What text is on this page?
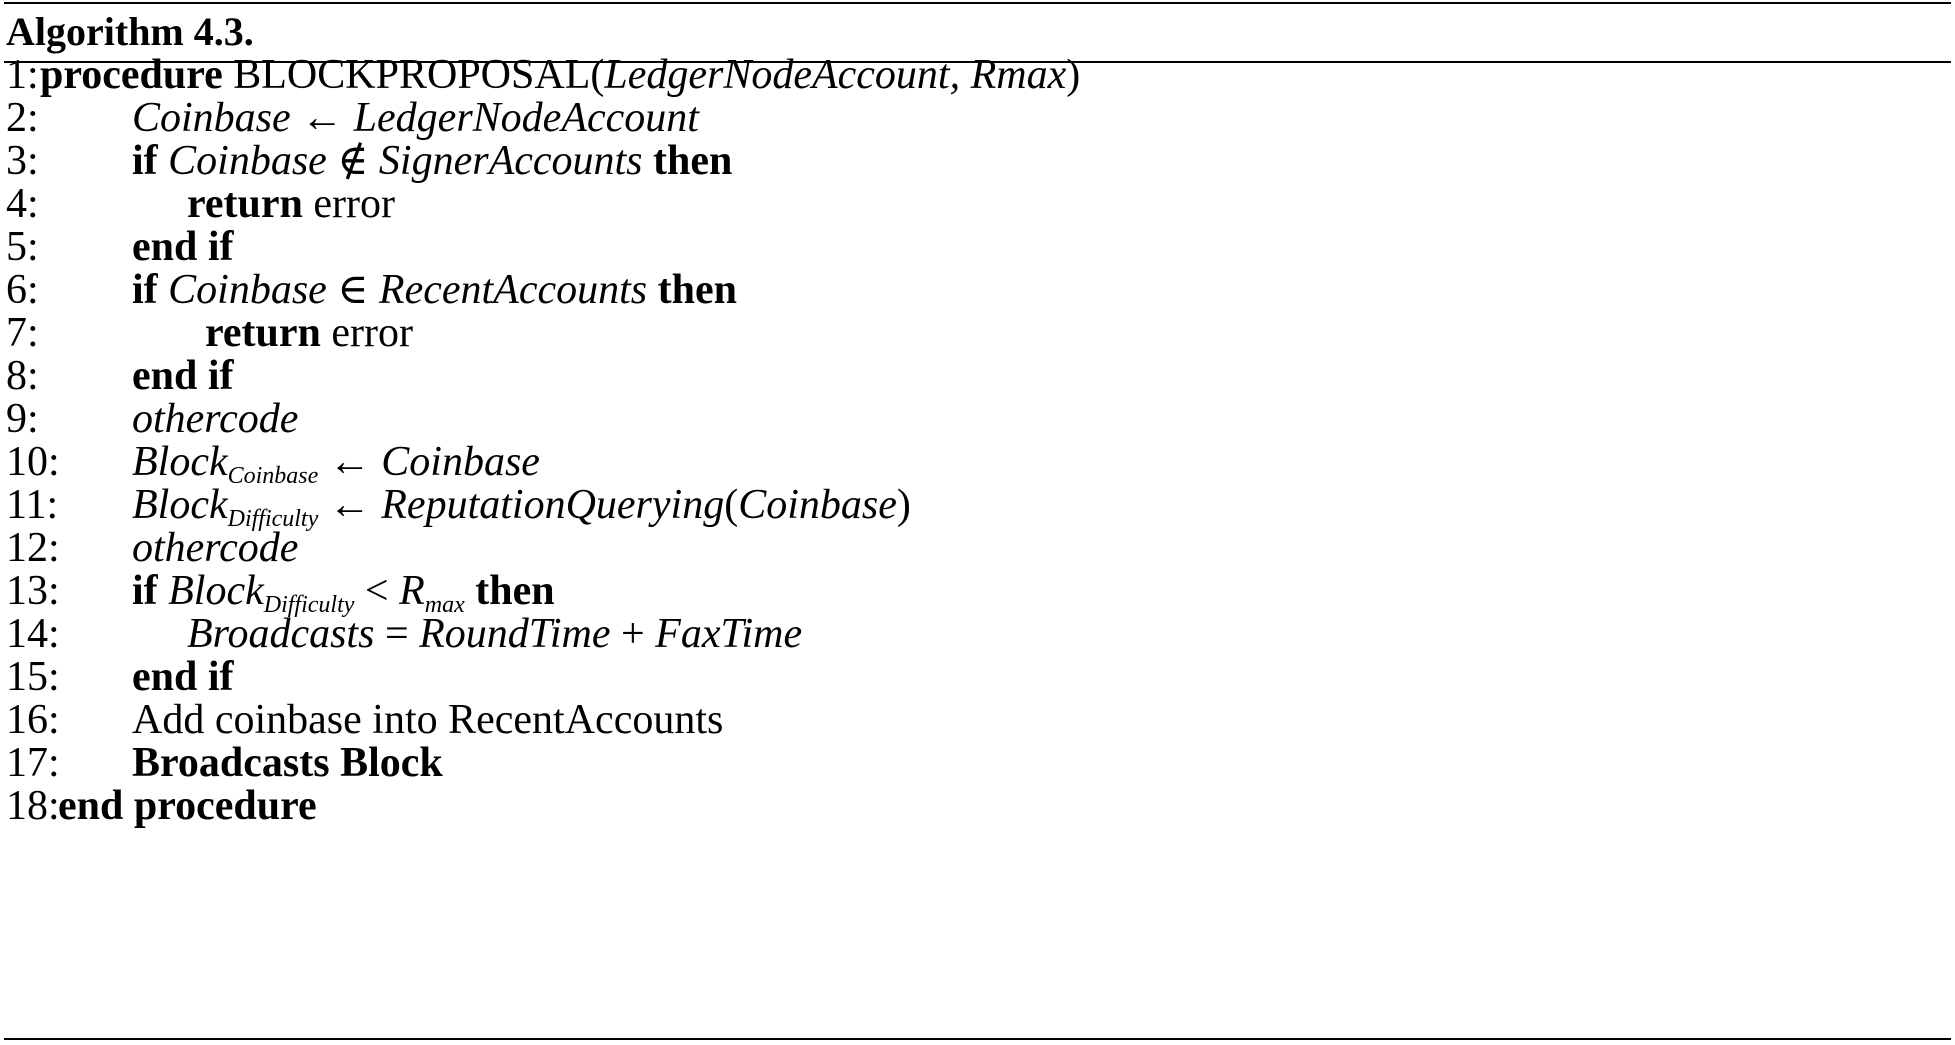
Algorithm 4.3.
1: procedure BLOCKPROPOSAL(LedgerNodeAccount, Rmax)
2: Coinbase ← LedgerNodeAccount
3: if Coinbase ∉ SignerAccounts then
4:	return error
5: end if
6: if Coinbase ∈ RecentAccounts then
7:	return error
8: end if
9: othercode
10: Block$_{Coinbase}$ ← Coinbase
11: Block$_{Difficulty}$ ← ReputationQuerying(Coinbase)
12: othercode
13: if Block$_{Difficulty}$ < $R_{max}$ then
14:	Broadcasts = RoundTime + FaxTime
15: end if
16: Add coinbase into RecentAccounts
17: Broadcasts Block
18:
end procedure
